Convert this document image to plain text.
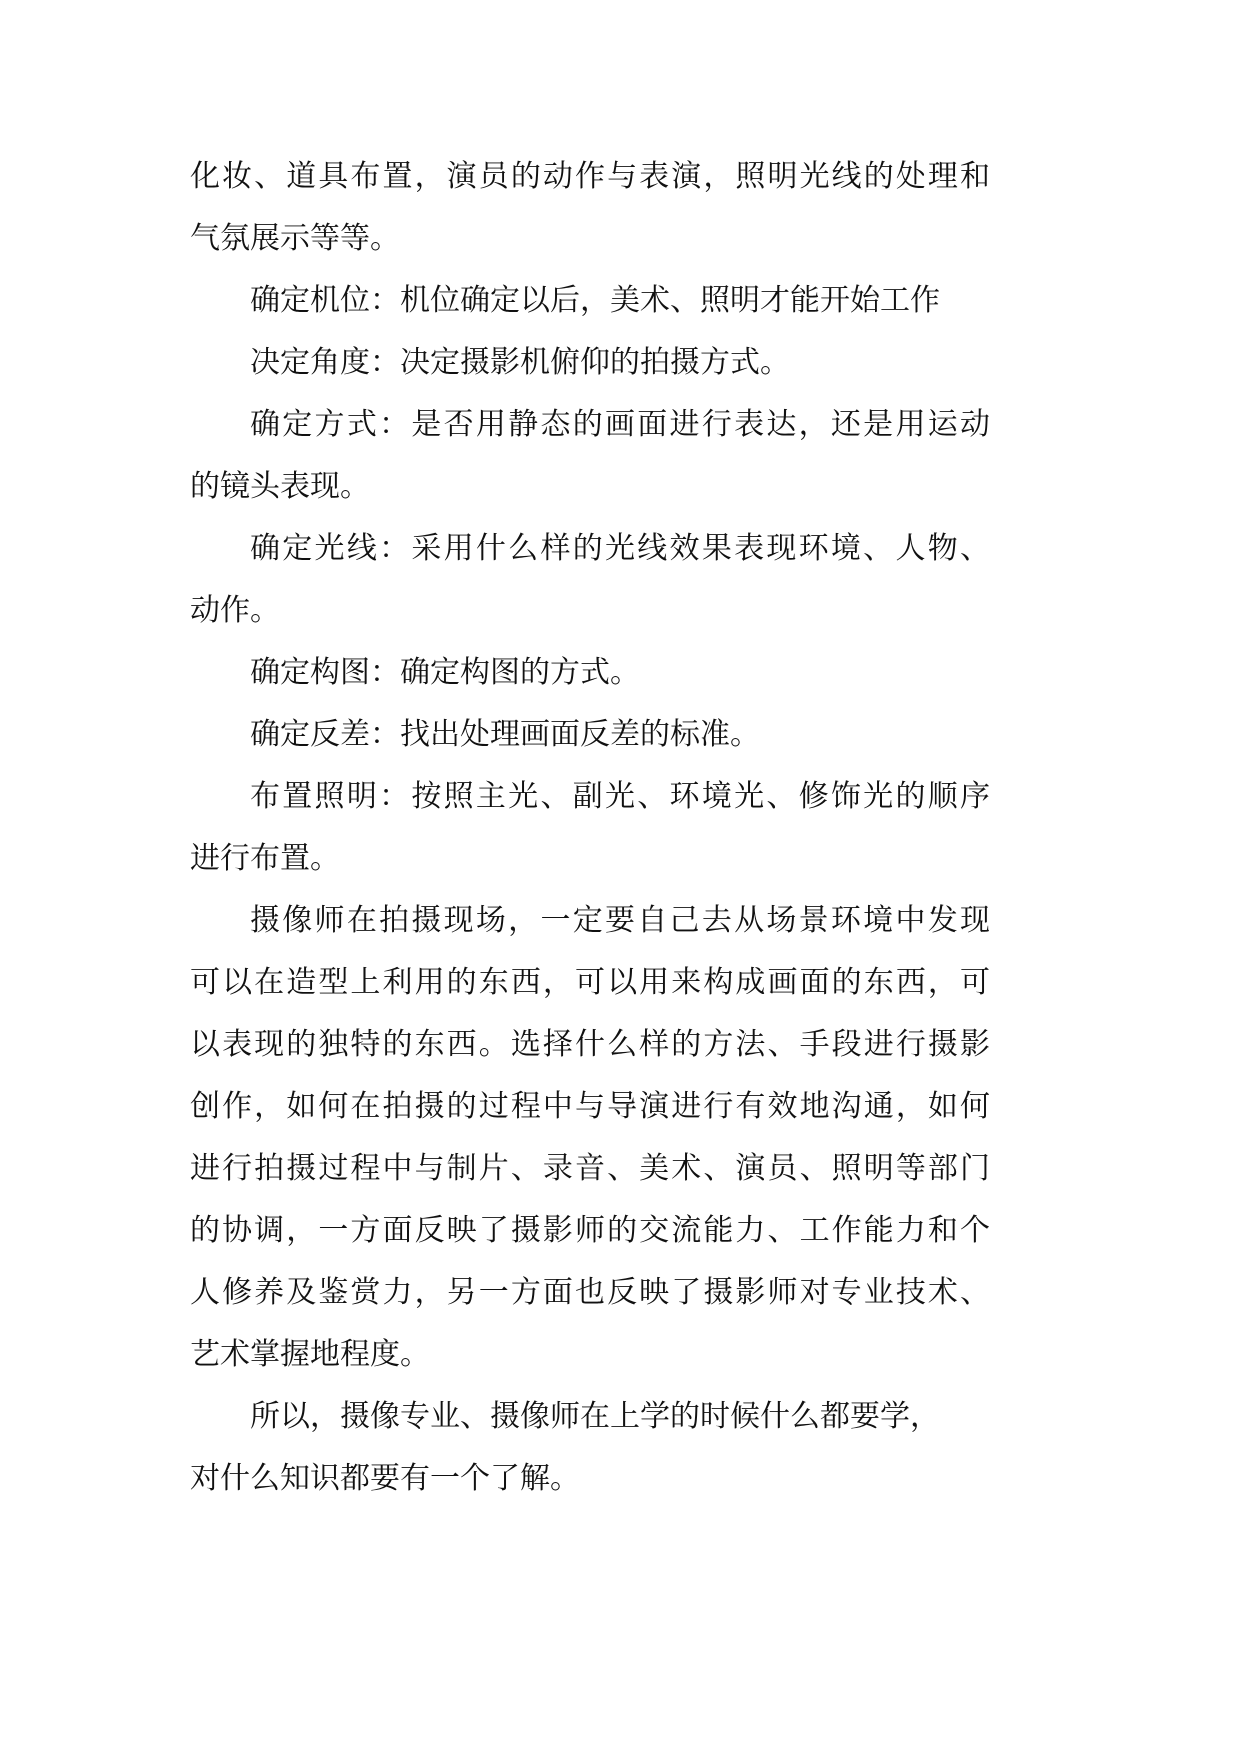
化妆、道具布置，演员的动作与表演，照明光线的处理和
气氛展示等等。
确定机位：机位确定以后，美术、照明才能开始工作
决定角度：决定摄影机俯仰的拍摄方式。
确定方式：是否用静态的画面进行表达，还是用运动
的镜头表现。
确定光线：采用什么样的光线效果表现环境、人物、
动作。
确定构图：确定构图的方式。
确定反差：找出处理画面反差的标准。
布置照明：按照主光、副光、环境光、修饰光的顺序
进行布置。
摄像师在拍摄现场，一定要自己去从场景环境中发现
可以在造型上利用的东西，可以用来构成画面的东西，可
以表现的独特的东西。选择什么样的方法、手段进行摄影
创作，如何在拍摄的过程中与导演进行有效地沟通，如何
进行拍摄过程中与制片、录音、美术、演员、照明等部门
的协调，一方面反映了摄影师的交流能力、工作能力和个
人修养及鉴赏力，另一方面也反映了摄影师对专业技术、
艺术掌握地程度。
所以，摄像专业、摄像师在上学的时候什么都要学，
对什么知识都要有一个了解。
